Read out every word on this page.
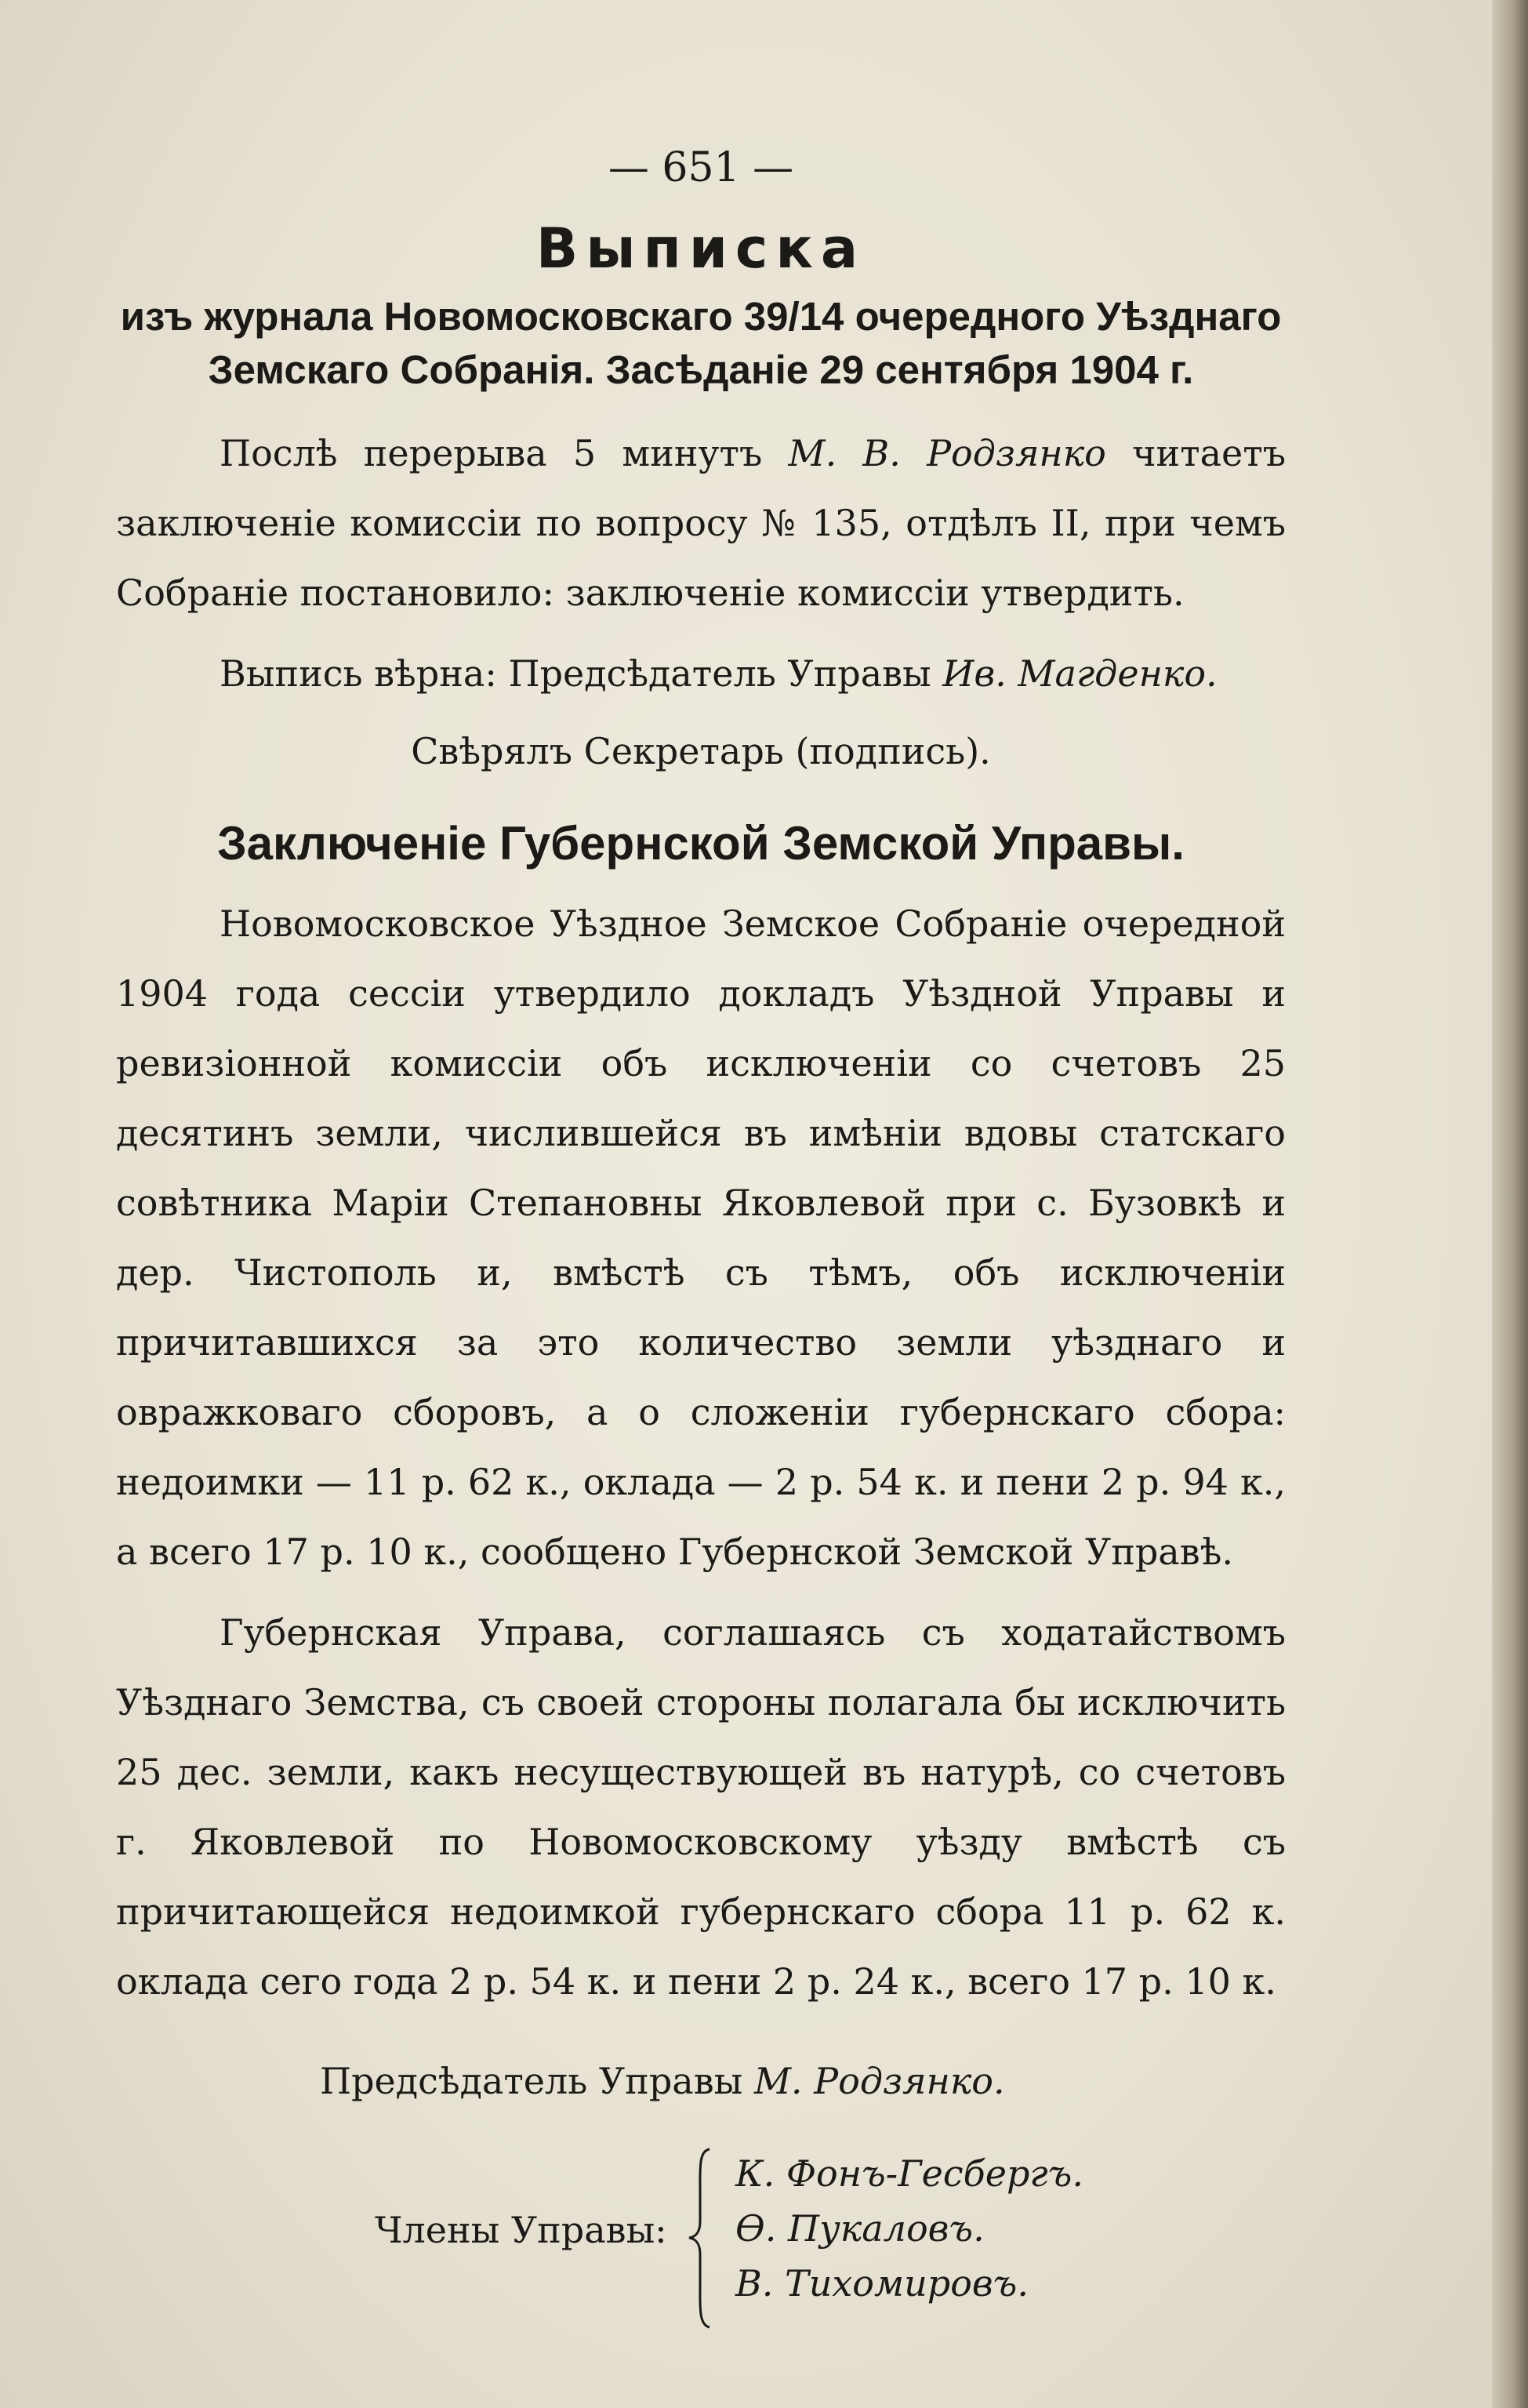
— 651 —
Выписка
изъ журнала Новомосковскаго 39/14 очередного Уѣзднаго
Земскаго Собранія. Засѣданіе 29 сентября 1904 г.

Послѣ перерыва 5 минутъ М. В. Родзянко читаетъ заключеніе комиссіи по вопросу № 135, отдѣлъ II, при чемъ Собраніе постановило: заключеніе комиссіи утвердить.

Выпись вѣрна: Предсѣдатель Управы Ив. Магденко.

Свѣрялъ Секретарь (подпись).
Заключеніе Губернской Земской Управы.

Новомосковское Уѣздное Земское Собраніе очередной 1904 года сессіи утвердило докладъ Уѣздной Управы и ревизіонной комиссіи объ исключеніи со счетовъ 25 десятинъ земли, числившейся въ имѣніи вдовы статскаго совѣтника Маріи Степановны Яковлевой при с. Бузовкѣ и дер. Чистополь и, вмѣстѣ съ тѣмъ, объ исключеніи причитавшихся за это количество земли уѣзднаго и овражковаго сборовъ, а о сложеніи губернскаго сбора: недоимки — 11 р. 62 к., оклада — 2 р. 54 к. и пени 2 р. 94 к., а всего 17 р. 10 к., сообщено Губернской Земской Управѣ.

Губернская Управа, соглашаясь съ ходатайствомъ Уѣзднаго Земства, съ своей стороны полагала бы исключить 25 дес. земли, какъ несуществующей въ натурѣ, со счетовъ г. Яковлевой по Новомосковскому уѣзду вмѣстѣ съ причитающейся недоимкой губернскаго сбора 11 р. 62 к. оклада сего года 2 р. 54 к. и пени 2 р. 24 к., всего 17 р. 10 к.

Предсѣдатель Управы М. Родзянко.
Члены Управы:
К. Фонъ-Гесбергъ.
Ѳ. Пукаловъ.
В. Тихомировъ.
